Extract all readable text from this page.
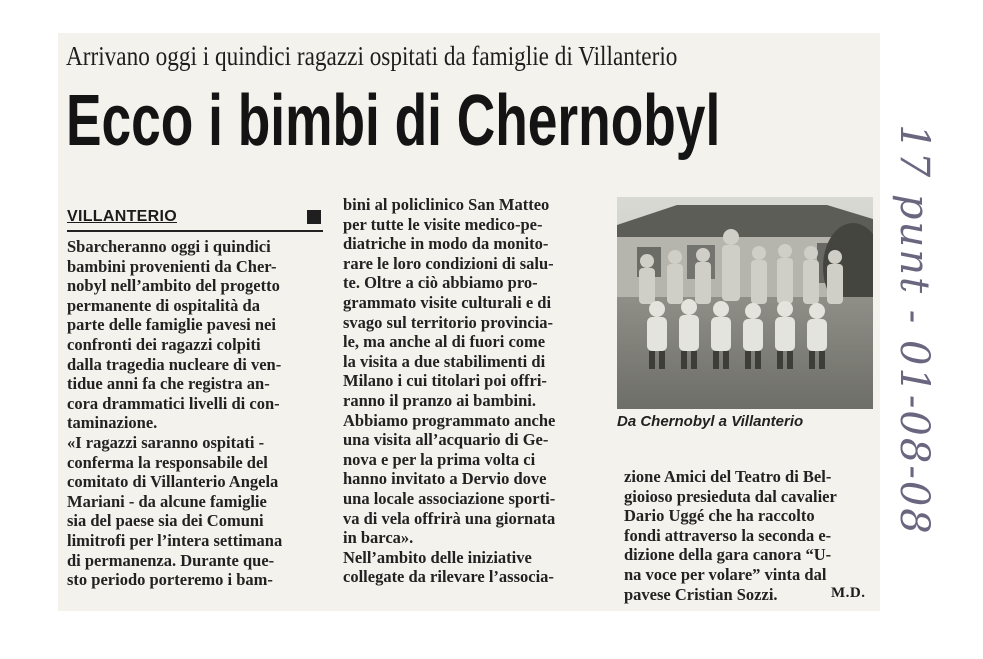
Arrivano oggi i quindici ragazzi ospitati da famiglie di Villanterio
Ecco i bimbi di Chernobyl
VILLANTERIO
Sbarcheranno oggi i quindici
bambini provenienti da Cher-
nobyl nell’ambito del progetto
permanente di ospitalità da
parte delle famiglie pavesi nei
confronti dei ragazzi colpiti
dalla tragedia nucleare di ven-
tidue anni fa che registra an-
cora drammatici livelli di con-
taminazione.
«I ragazzi saranno ospitati -
conferma la responsabile del
comitato di Villanterio Angela
Mariani - da alcune famiglie
sia del paese sia dei Comuni
limitrofi per l’intera settimana
di permanenza. Durante que-
sto periodo porteremo i bam-
bini al policlinico San Matteo
per tutte le visite medico-pe-
diatriche in modo da monito-
rare le loro condizioni di salu-
te. Oltre a ciò abbiamo pro-
grammato visite culturali e di
svago sul territorio provincia-
le, ma anche al di fuori come
la visita a due stabilimenti di
Milano i cui titolari poi offri-
ranno il pranzo ai bambini.
Abbiamo programmato anche
una visita all’acquario di Ge-
nova e per la prima volta ci
hanno invitato a Dervio dove
una locale associazione sporti-
va di vela offrirà una giornata
in barca».
Nell’ambito delle iniziative
collegate da rilevare l’associa-
Da Chernobyl a Villanterio
zione Amici del Teatro di Bel-
gioioso presieduta dal cavalier
Dario Uggé che ha raccolto
fondi attraverso la seconda e-
dizione della gara canora “U-
na voce per volare” vinta dal
pavese Cristian Sozzi.	M.D.
17 punt - 01-08-08
